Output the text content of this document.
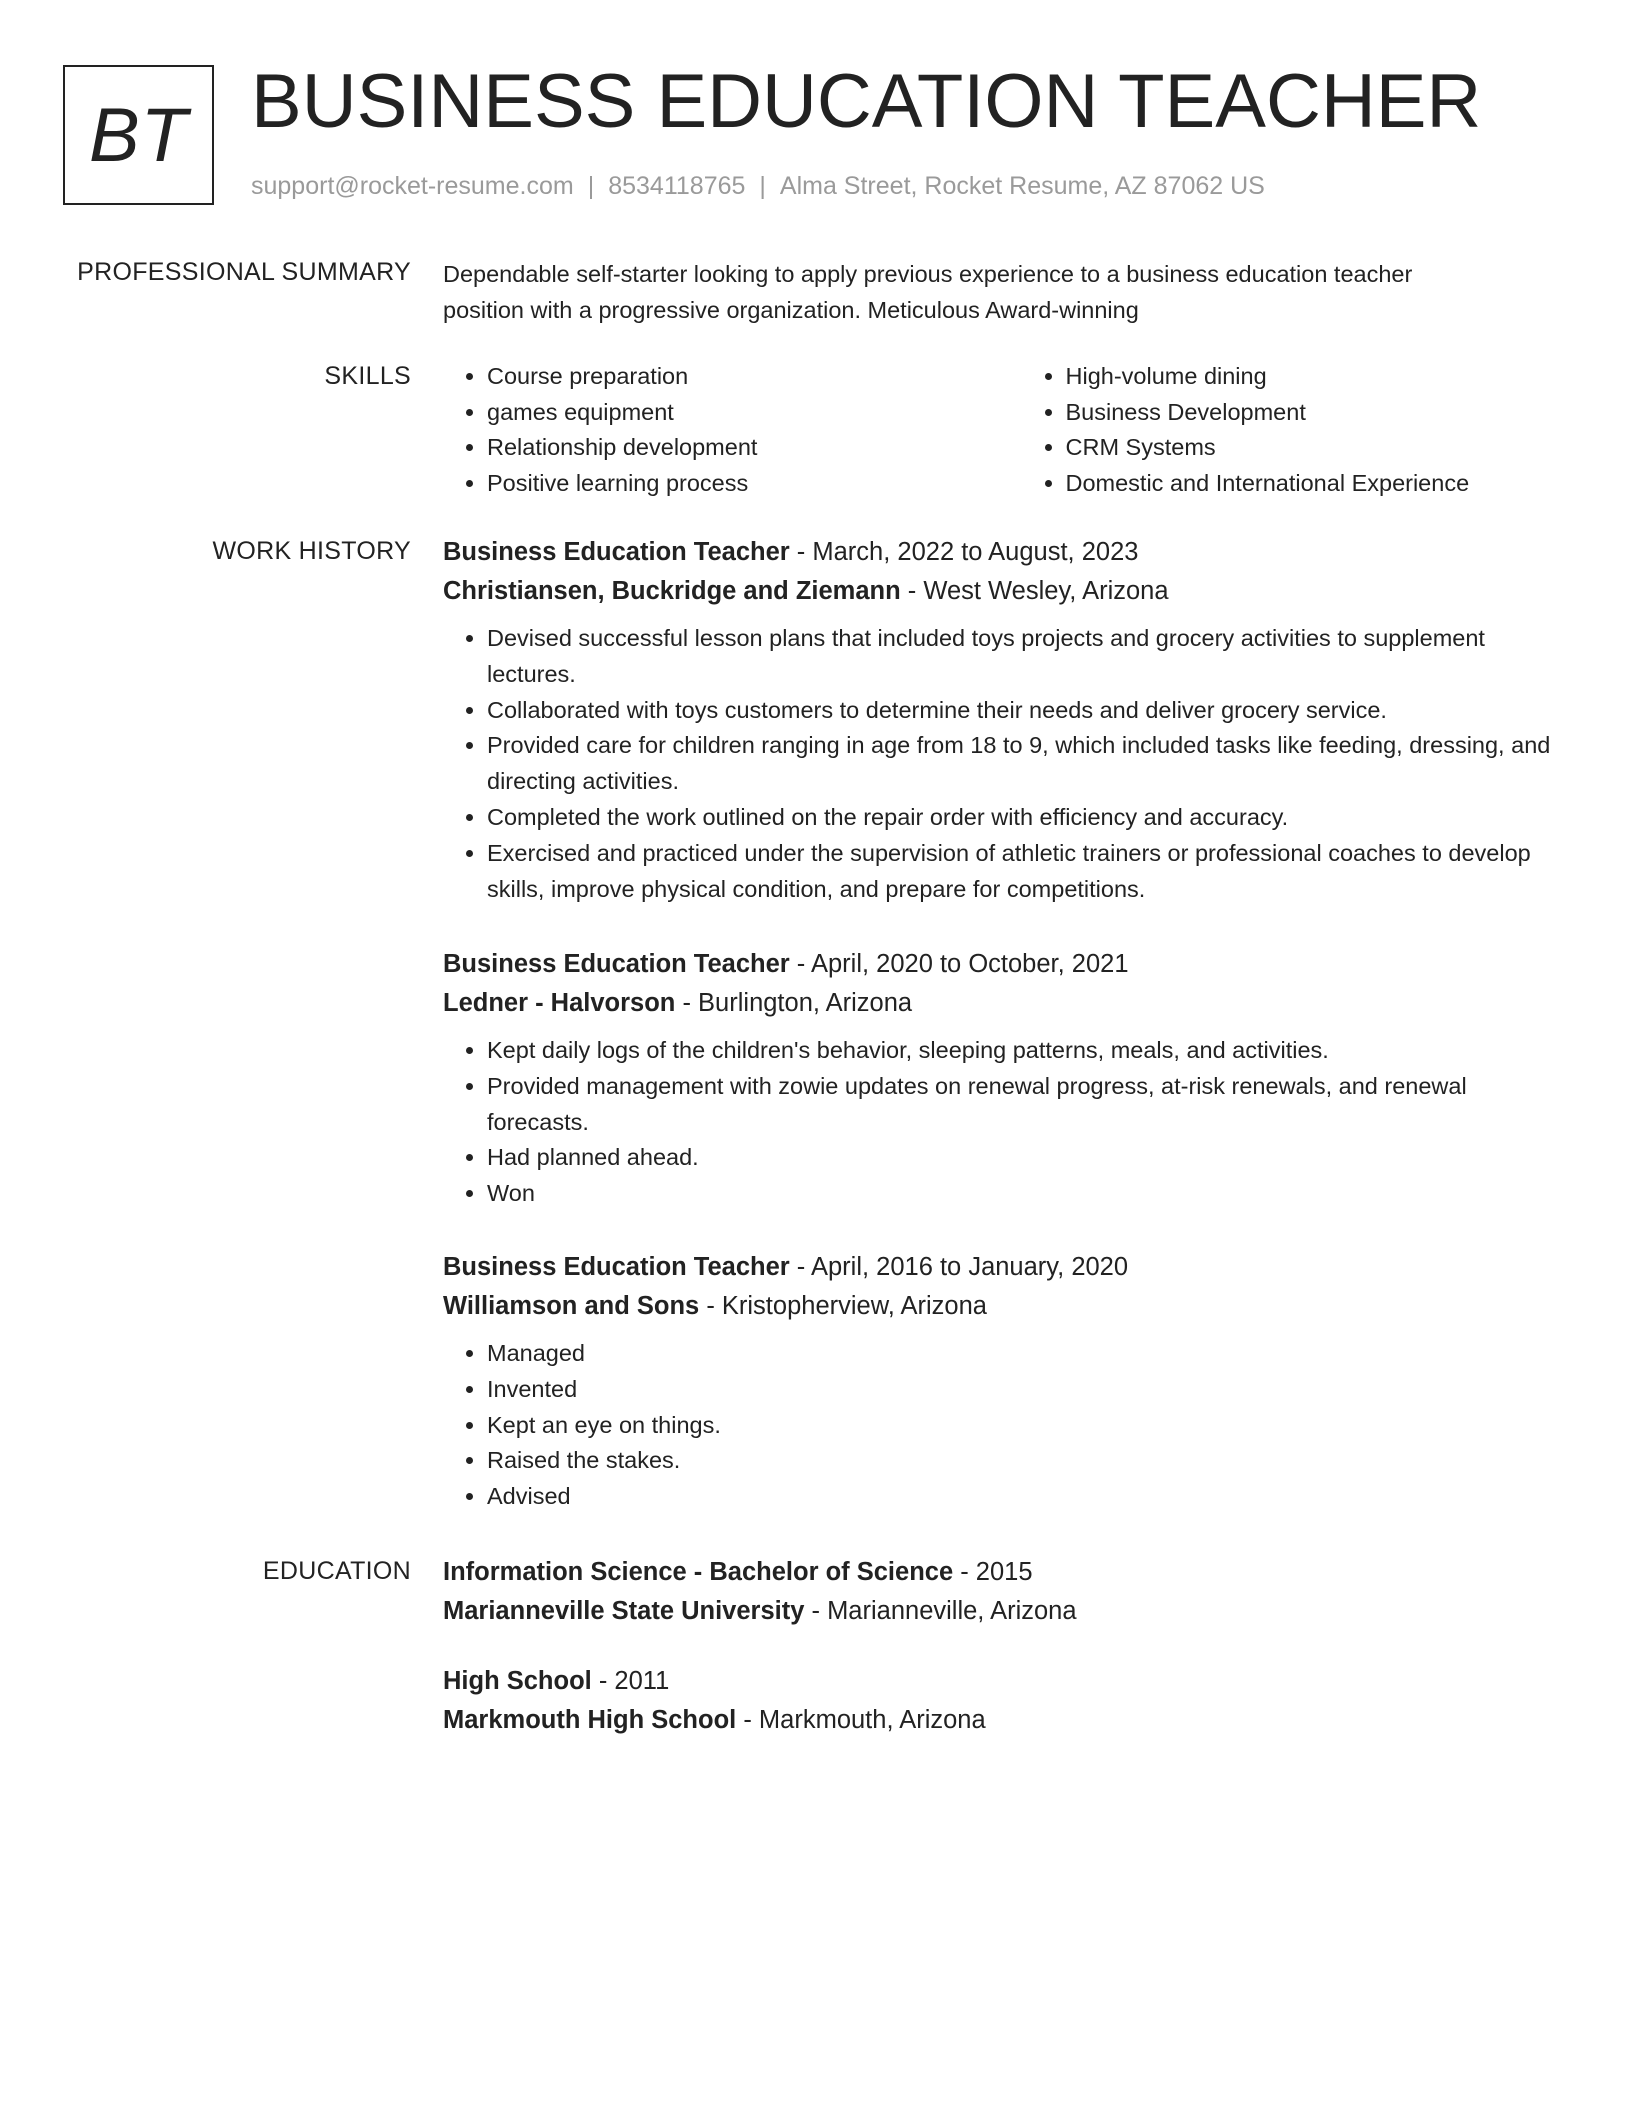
BT BUSINESS EDUCATION TEACHER
support@rocket-resume.com | 8534118765 | Alma Street, Rocket Resume, AZ 87062 US
PROFESSIONAL SUMMARY Dependable self-starter looking to apply previous experience to a business education teacher position with a progressive organization. Meticulous Award-winning
SKILLS
•	Course preparation
• games equipment
• Relationship development
• Positive learning process
• High-volume dining
• Business Development
• CRM Systems
• Domestic and International Experience
WORK HISTORY Business Education Teacher - March, 2022 to August, 2023
Christiansen, Buckridge and Ziemann - West Wesley, Arizona
• Devised successful lesson plans that included toys projects and grocery activities to supplement lectures.
• Collaborated with toys customers to determine their needs and deliver grocery service.
• Provided care for children ranging in age from 18 to 9, which included tasks like feeding, dressing, and directing activities.
• Completed the work outlined on the repair order with efficiency and accuracy.
• Exercised and practiced under the supervision of athletic trainers or professional coaches to develop skills, improve physical condition, and prepare for competitions.
Business Education Teacher - April, 2020 to October, 2021
Ledner - Halvorson - Burlington, Arizona
• Kept daily logs of the children's behavior, sleeping patterns, meals, and activities.
• Provided management with zowie updates on renewal progress, at-risk renewals, and renewal forecasts.
• Had planned ahead.
• Won
Business Education Teacher - April, 2016 to January, 2020
Williamson and Sons - Kristopherview, Arizona
• Managed
• Invented
• Kept an eye on things.
• Raised the stakes.
• Advised
EDUCATION Information Science - Bachelor of Science - 2015
Marianneville State University - Marianneville, Arizona
High School - 2011
Markmouth High School - Markmouth, Arizona
